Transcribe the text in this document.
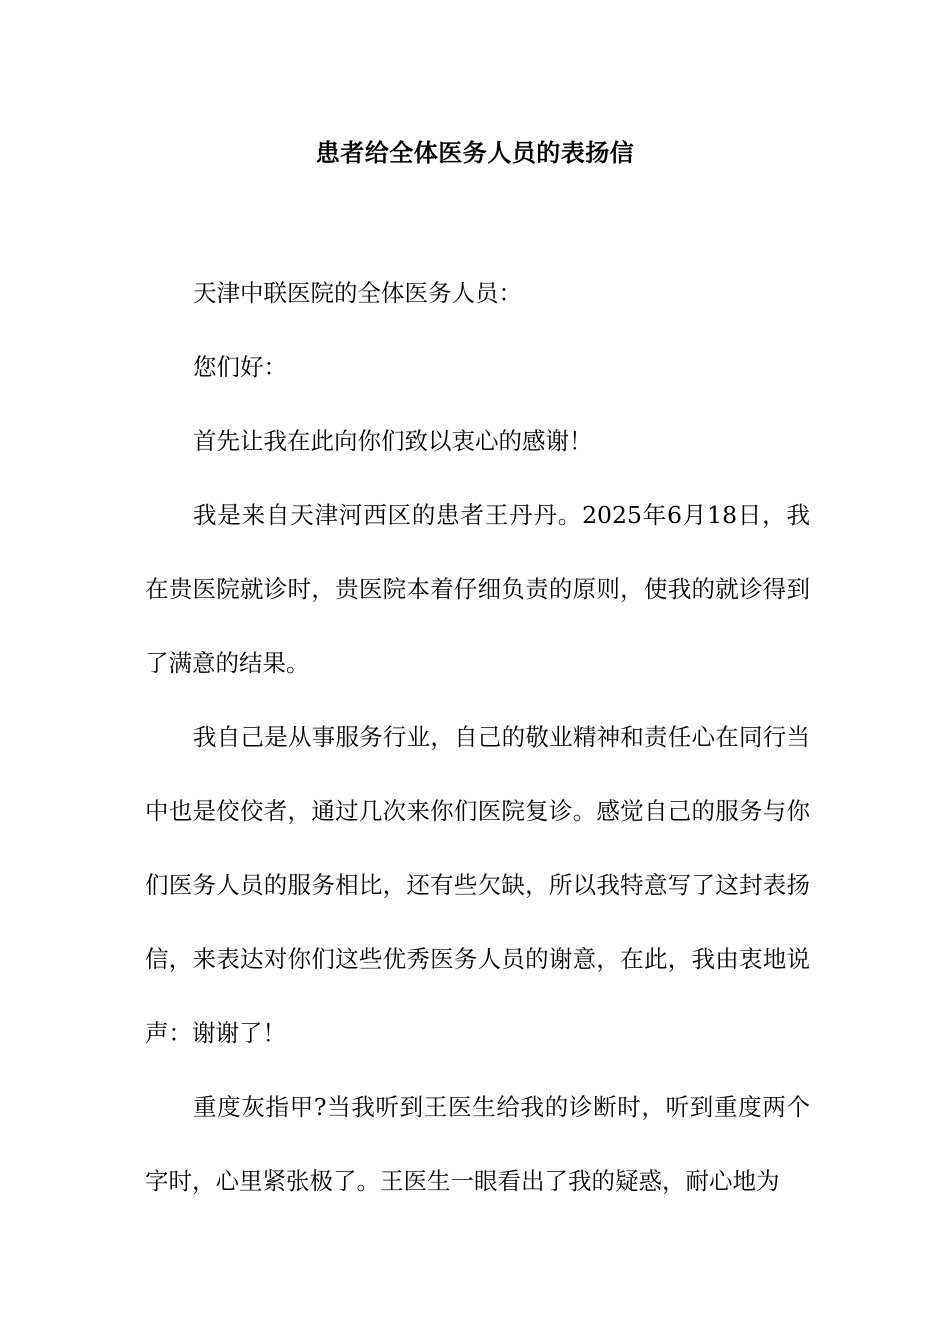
患者给全体医务人员的表扬信

天津中联医院的全体医务人员：

您们好：

首先让我在此向你们致以衷心的感谢！

我是来自天津河西区的患者王丹丹。2025年6月18日，我在贵医院就诊时，贵医院本着仔细负责的原则，使我的就诊得到了满意的结果。

我自己是从事服务行业，自己的敬业精神和责任心在同行当中也是佼佼者，通过几次来你们医院复诊。感觉自己的服务与你们医务人员的服务相比，还有些欠缺，所以我特意写了这封表扬信，来表达对你们这些优秀医务人员的谢意，在此，我由衷地说声：谢谢了！

重度灰指甲?当我听到王医生给我的诊断时，听到重度两个字时，心里紧张极了。王医生一眼看出了我的疑惑，耐心地为
